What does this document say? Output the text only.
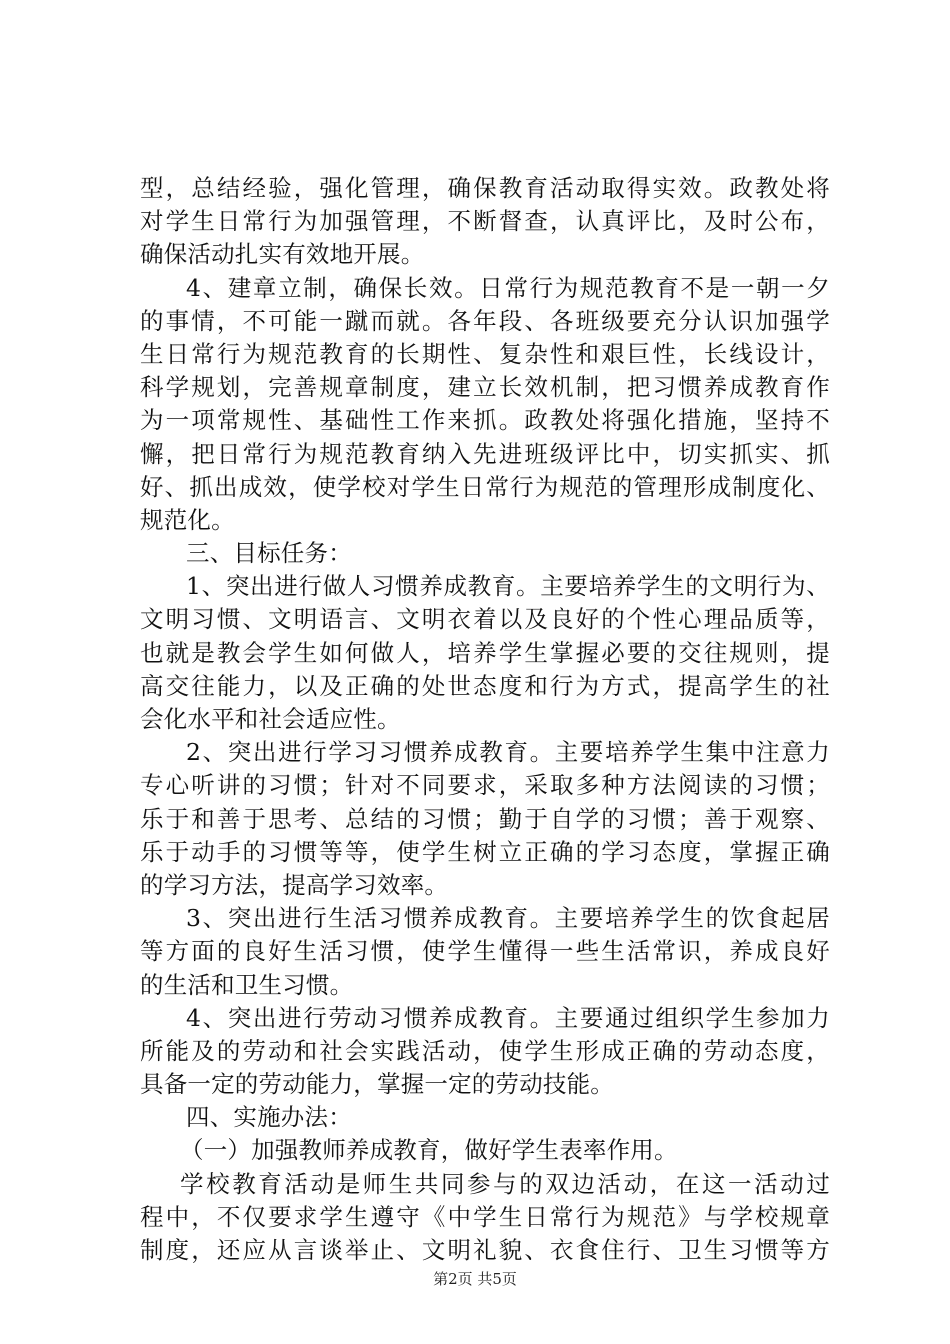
型，总结经验，强化管理，确保教育活动取得实效。政教处将
对学生日常行为加强管理，不断督查，认真评比，及时公布，
确保活动扎实有效地开展。
4、建章立制，确保长效。日常行为规范教育不是一朝一夕
的事情，不可能一蹴而就。各年段、各班级要充分认识加强学
生日常行为规范教育的长期性、复杂性和艰巨性，长线设计，
科学规划，完善规章制度，建立长效机制，把习惯养成教育作
为一项常规性、基础性工作来抓。政教处将强化措施，坚持不
懈，把日常行为规范教育纳入先进班级评比中，切实抓实、抓
好、抓出成效，使学校对学生日常行为规范的管理形成制度化、
规范化。
三、目标任务：
1、突出进行做人习惯养成教育。主要培养学生的文明行为、
文明习惯、文明语言、文明衣着以及良好的个性心理品质等，
也就是教会学生如何做人，培养学生掌握必要的交往规则，提
高交往能力，以及正确的处世态度和行为方式，提高学生的社
会化水平和社会适应性。
2、突出进行学习习惯养成教育。主要培养学生集中注意力
专心听讲的习惯；针对不同要求，采取多种方法阅读的习惯；
乐于和善于思考、总结的习惯；勤于自学的习惯；善于观察、
乐于动手的习惯等等，使学生树立正确的学习态度，掌握正确
的学习方法，提高学习效率。
3、突出进行生活习惯养成教育。主要培养学生的饮食起居
等方面的良好生活习惯，使学生懂得一些生活常识，养成良好
的生活和卫生习惯。
4、突出进行劳动习惯养成教育。主要通过组织学生参加力
所能及的劳动和社会实践活动，使学生形成正确的劳动态度，
具备一定的劳动能力，掌握一定的劳动技能。
四、实施办法：
（一）加强教师养成教育，做好学生表率作用。
学校教育活动是师生共同参与的双边活动，在这一活动过
程中，不仅要求学生遵守《中学生日常行为规范》与学校规章
制度，还应从言谈举止、文明礼貌、衣食住行、卫生习惯等方
第2页 共5页
